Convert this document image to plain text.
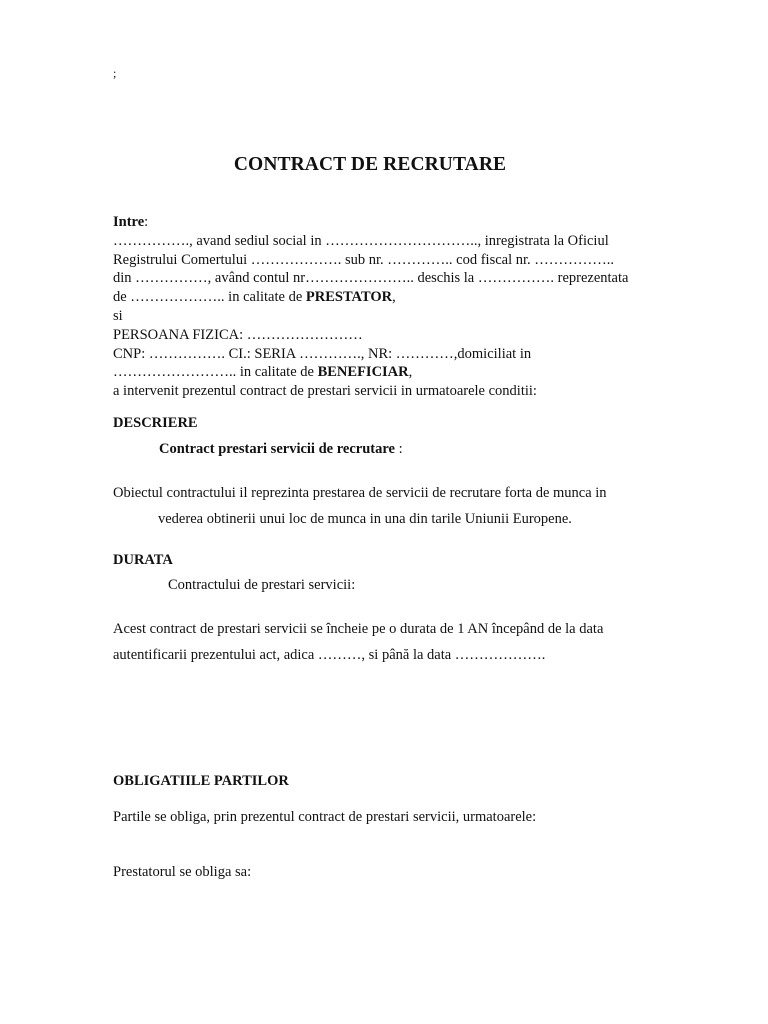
;
CONTRACT DE RECRUTARE
Intre:
……………., avand sediul social in ………………………….., inregistrata la Oficiul
Registrului Comertului ………………. sub nr. ………….. cod fiscal nr. ……………..
din ……………, având contul nr………………….. deschis la ……………. reprezentata
de ……………….. in calitate de PRESTATOR,
si
PERSOANA FIZICA: ……………………
CNP: ……………. CI.: SERIA …………., NR: …………,domiciliat in
…………………….. in calitate de BENEFICIAR,
a intervenit prezentul contract de prestari servicii in urmatoarele conditii:
DESCRIERE
Contract prestari servicii de recrutare :
Obiectul contractului il reprezinta prestarea de servicii de recrutare forta de munca in
vederea obtinerii unui loc de munca in una din tarile Uniunii Europene.
DURATA
Contractului de prestari servicii:
Acest contract de prestari servicii se încheie pe o durata de 1 AN începând de la data
autentificarii prezentului act, adica ………, si până la data ……………….
OBLIGATIILE PARTILOR
Partile se obliga, prin prezentul contract de prestari servicii, urmatoarele:
Prestatorul se obliga sa:
